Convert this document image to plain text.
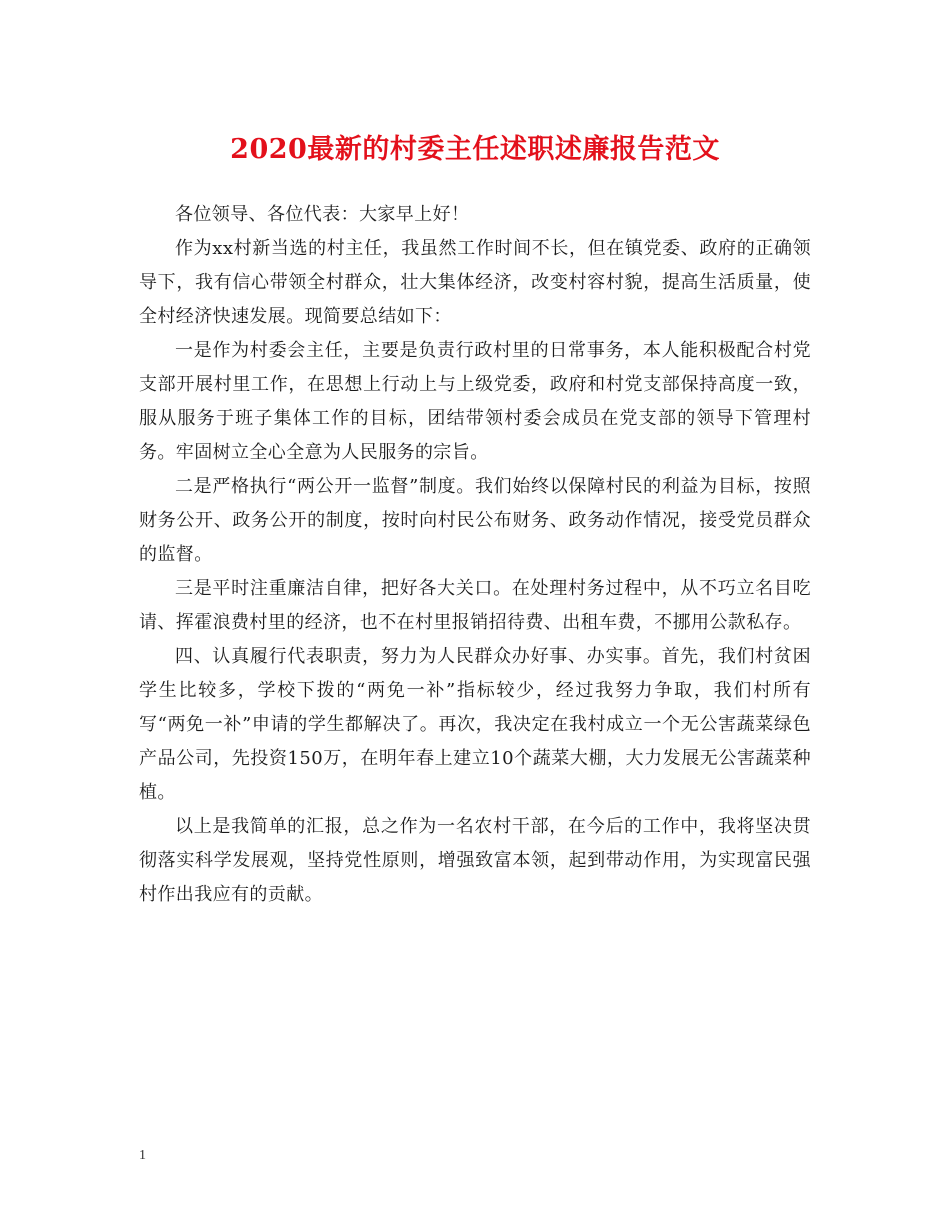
2020最新的村委主任述职述廉报告范文

各位领导、各位代表：大家早上好！

作为xx村新当选的村主任，我虽然工作时间不长，但在镇党委、政府的正确领导下，我有信心带领全村群众，壮大集体经济，改变村容村貌，提高生活质量，使全村经济快速发展。现简要总结如下：

一是作为村委会主任，主要是负责行政村里的日常事务，本人能积极配合村党支部开展村里工作，在思想上行动上与上级党委，政府和村党支部保持高度一致，服从服务于班子集体工作的目标，团结带领村委会成员在党支部的领导下管理村务。牢固树立全心全意为人民服务的宗旨。

二是严格执行“两公开一监督”制度。我们始终以保障村民的利益为目标，按照财务公开、政务公开的制度，按时向村民公布财务、政务动作情况，接受党员群众的监督。

三是平时注重廉洁自律，把好各大关口。在处理村务过程中，从不巧立名目吃请、挥霍浪费村里的经济，也不在村里报销招待费、出租车费，不挪用公款私存。

四、认真履行代表职责，努力为人民群众办好事、办实事。首先，我们村贫困学生比较多，学校下拨的“两免一补”指标较少，经过我努力争取，我们村所有写“两免一补”申请的学生都解决了。再次，我决定在我村成立一个无公害蔬菜绿色产品公司，先投资150万，在明年春上建立10个蔬菜大棚，大力发展无公害蔬菜种植。

以上是我简单的汇报，总之作为一名农村干部，在今后的工作中，我将坚决贯彻落实科学发展观，坚持党性原则，增强致富本领，起到带动作用，为实现富民强村作出我应有的贡献。

1
